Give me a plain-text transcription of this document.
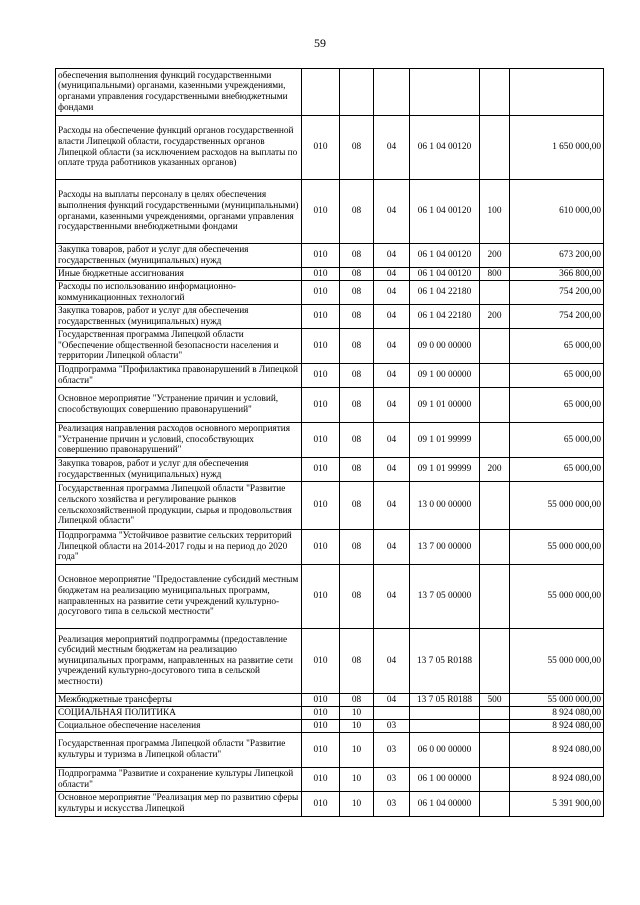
59
обеспечения выполнения функций государственными (муниципальными) органами, казенными учреждениями, органами управления государственными внебюджетными фондами						
Расходы на обеспечение функций органов государственной власти Липецкой области, государственных органов Липецкой области (за исключением расходов на выплаты по оплате труда работников указанных органов)	010	08	04	06 1 04 00120		1 650 000,00
Расходы на выплаты персоналу в целях обеспечения выполнения функций государственными (муниципальными) органами, казенными учреждениями, органами управления государственными внебюджетными фондами	010	08	04	06 1 04 00120	100	610 000,00
Закупка товаров, работ и услуг для обеспечения государственных (муниципальных) нужд	010	08	04	06 1 04 00120	200	673 200,00
Иные бюджетные ассигнования	010	08	04	06 1 04 00120	800	366 800,00
Расходы по использованию информационно-коммуникационных технологий	010	08	04	06 1 04 22180		754 200,00
Закупка товаров, работ и услуг для обеспечения государственных (муниципальных) нужд	010	08	04	06 1 04 22180	200	754 200,00
Государственная программа Липецкой области "Обеспечение общественной безопасности населения и территории Липецкой области"	010	08	04	09 0 00 00000		65 000,00
Подпрограмма "Профилактика правонарушений в Липецкой области"	010	08	04	09 1 00 00000		65 000,00
Основное мероприятие "Устранение причин и условий, способствующих совершению правонарушений"	010	08	04	09 1 01 00000		65 000,00
Реализация направления расходов основного мероприятия "Устранение причин и условий, способствующих совершению правонарушений"	010	08	04	09 1 01 99999		65 000,00
Закупка товаров, работ и услуг для обеспечения государственных (муниципальных) нужд	010	08	04	09 1 01 99999	200	65 000,00
Государственная программа Липецкой области "Развитие сельского хозяйства и регулирование рынков сельскохозяйственной продукции, сырья и продовольствия Липецкой области"	010	08	04	13 0 00 00000		55 000 000,00
Подпрограмма "Устойчивое развитие сельских территорий Липецкой области на 2014-2017 годы и на период до 2020 года"	010	08	04	13 7 00 00000		55 000 000,00
Основное мероприятие "Предоставление субсидий местным бюджетам на реализацию муниципальных программ, направленных на развитие сети учреждений культурно-досугового типа в сельской местности"	010	08	04	13 7 05 00000		55 000 000,00
Реализация мероприятий подпрограммы (предоставление субсидий местным бюджетам на реализацию муниципальных программ, направленных на развитие сети учреждений культурно-досугового типа в сельской местности)	010	08	04	13 7 05 R0188		55 000 000,00
Межбюджетные трансферты	010	08	04	13 7 05 R0188	500	55 000 000,00
СОЦИАЛЬНАЯ ПОЛИТИКА	010	10				8 924 080,00
Социальное обеспечение населения	010	10	03			8 924 080,00
Государственная программа Липецкой области "Развитие культуры и туризма в Липецкой области"	010	10	03	06 0 00 00000		8 924 080,00
Подпрограмма "Развитие и сохранение культуры Липецкой области"	010	10	03	06 1 00 00000		8 924 080,00
Основное мероприятие "Реализация мер по развитию сферы культуры и искусства Липецкой	010	10	03	06 1 04 00000		5 391 900,00
